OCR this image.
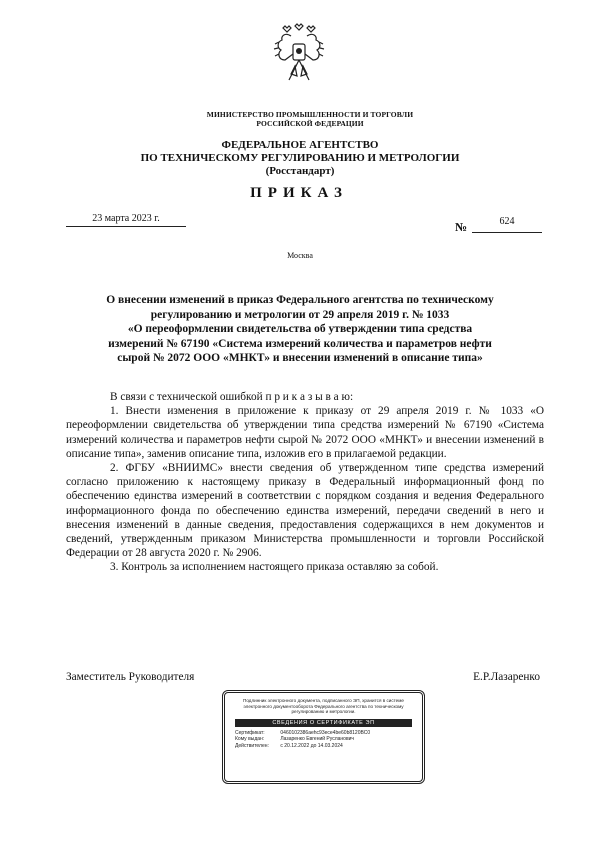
МИНИСТЕРСТВО ПРОМЫШЛЕННОСТИ И ТОРГОВЛИ
РОССИЙСКОЙ ФЕДЕРАЦИИ
ФЕДЕРАЛЬНОЕ АГЕНТСТВО
ПО ТЕХНИЧЕСКОМУ РЕГУЛИРОВАНИЮ И МЕТРОЛОГИИ
(Росстандарт)
ПРИКАЗ
23 марта 2023 г.
№	624
Москва
О внесении изменений в приказ Федерального агентства по техническому
регулированию и метрологии от 29 апреля 2019 г. № 1033
«О переоформлении свидетельства об утверждении типа средства
измерений № 67190 «Система измерений количества и параметров нефти
сырой № 2072 ООО «МНКТ» и внесении изменений в описание типа»

В связи с технической ошибкой п р и к а з ы в а ю:

1. Внести изменения в приложение к приказу от 29 апреля 2019 г. № 1033 «О переоформлении свидетельства об утверждении типа средства измерений № 67190 «Система измерений количества и параметров нефти сырой № 2072 ООО «МНКТ» и внесении изменений в описание типа», заменив описание типа, изложив его в прилагаемой редакции.

2. ФГБУ «ВНИИМС» внести сведения об утвержденном типе средства измерений согласно приложению к настоящему приказу в Федеральный информационный фонд по обеспечению единства измерений в соответствии с порядком создания и ведения Федерального информационного фонда по обеспечению единства измерений, передачи сведений в него и внесения изменений в данные сведения, предоставления содержащихся в нем документов и сведений, утвержденным приказом Министерства промышленности и торговли Российской Федерации от 28 августа 2020 г. № 2906.

3. Контроль за исполнением настоящего приказа оставляю за собой.

Заместитель Руководителя	Е.Р.Лазаренко
Подлинник электронного документа, подписанного ЭП, хранится в системе электронного документооборота Федерального агентства по техническому регулированию и метрологии.
СВЕДЕНИЯ О СЕРТИФИКАТЕ ЭП
Сертификат:	0460102386аеhс93eсе4be60b8120BC0
Кому выдан:	Лазаренко Евгений Русланович
Действителен: с 20.12.2022 до 14.03.2024
